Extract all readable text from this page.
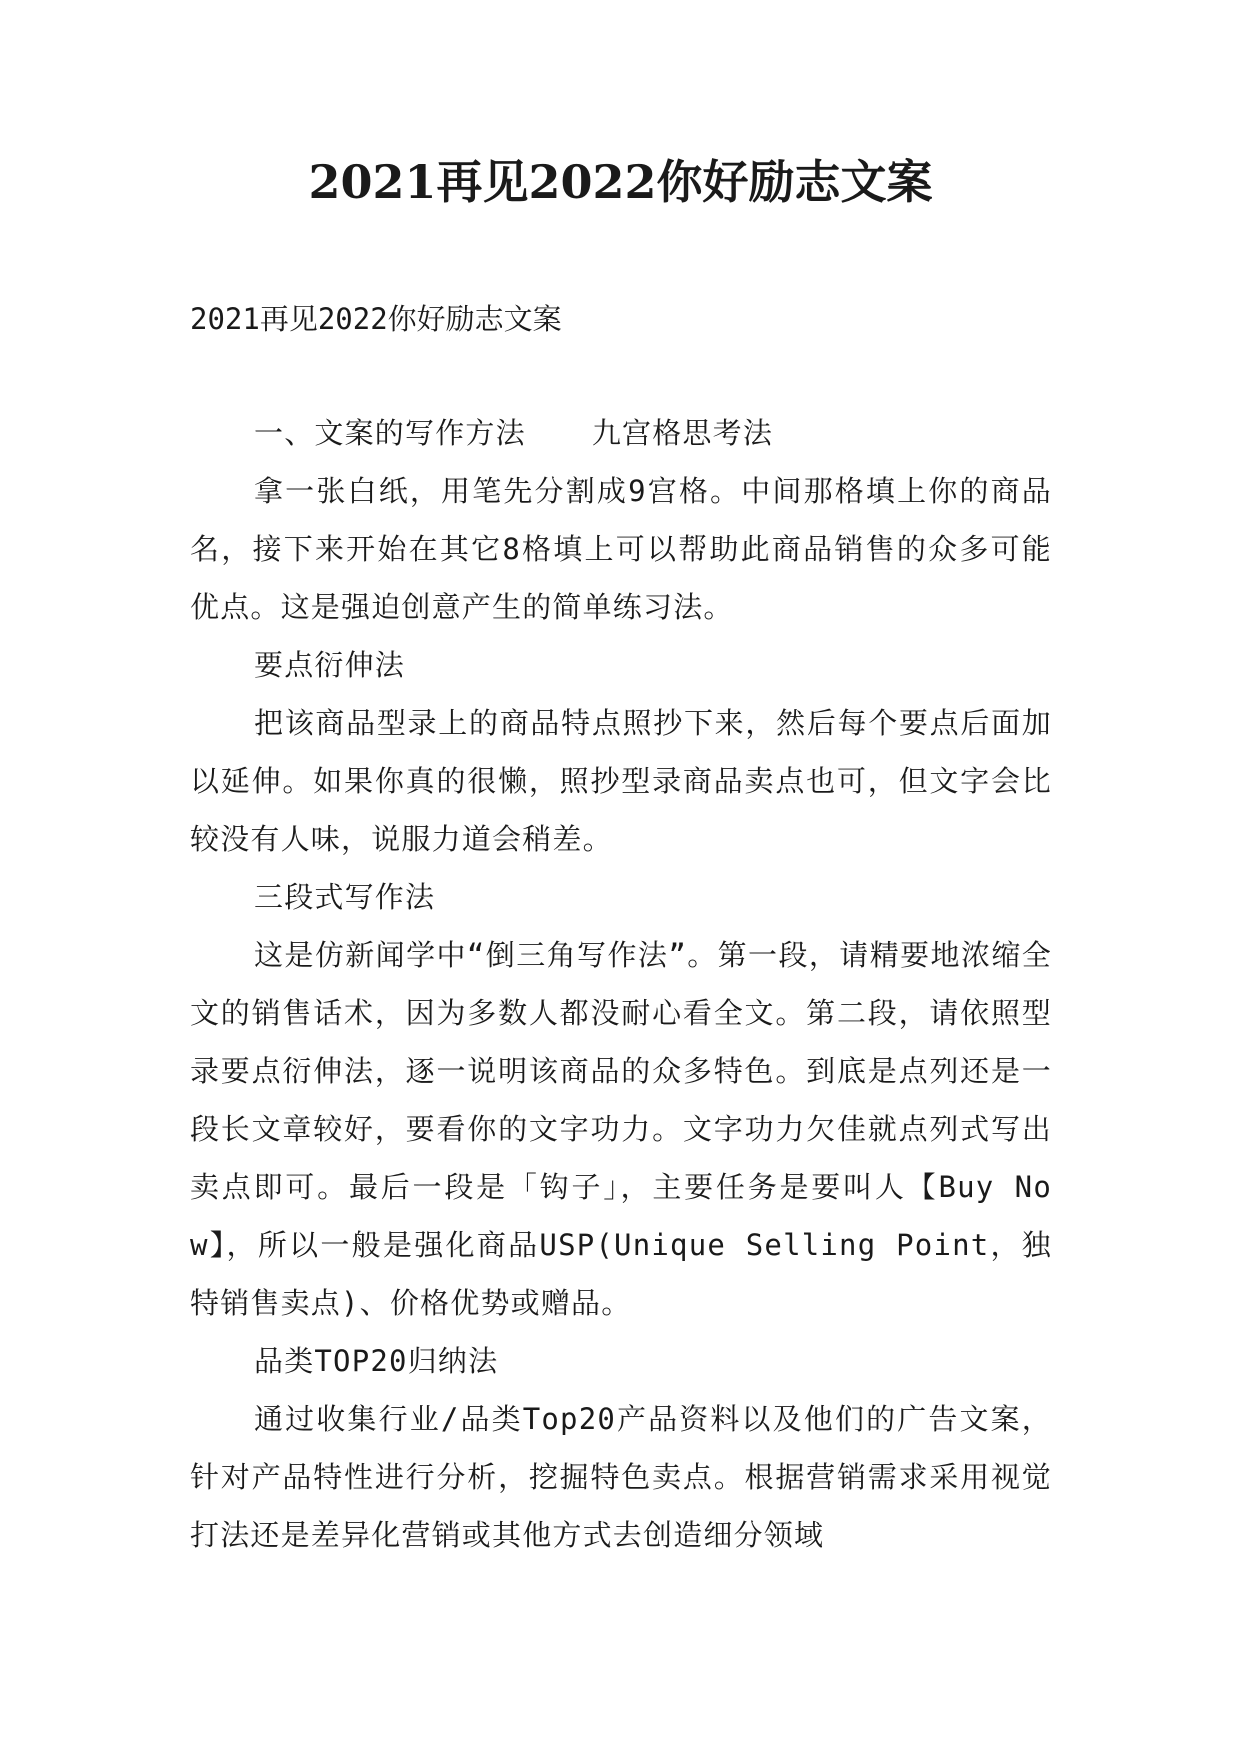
2021再见2022你好励志文案

2021再见2022你好励志文案

一、文案的写作方法 九宫格思考法

拿一张白纸，用笔先分割成9宫格。中间那格填上你的商品名，接下来开始在其它8格填上可以帮助此商品销售的众多可能优点。这是强迫创意产生的简单练习法。

要点衍伸法

把该商品型录上的商品特点照抄下来，然后每个要点后面加以延伸。如果你真的很懒，照抄型录商品卖点也可，但文字会比较没有人味，说服力道会稍差。

三段式写作法

这是仿新闻学中“倒三角写作法”。第一段，请精要地浓缩全文的销售话术，因为多数人都没耐心看全文。第二段，请依照型录要点衍伸法，逐一说明该商品的众多特色。到底是点列还是一段长文章较好，要看你的文字功力。文字功力欠佳就点列式写出卖点即可。最后一段是「钩子」，主要任务是要叫人【Buy Now】，所以一般是强化商品USP(Unique Selling Point，独特销售卖点)、价格优势或赠品。

品类TOP20归纳法

通过收集行业/品类Top20产品资料以及他们的广告文案，针对产品特性进行分析，挖掘特色卖点。根据营销需求采用视觉打法还是差异化营销或其他方式去创造细分领域
